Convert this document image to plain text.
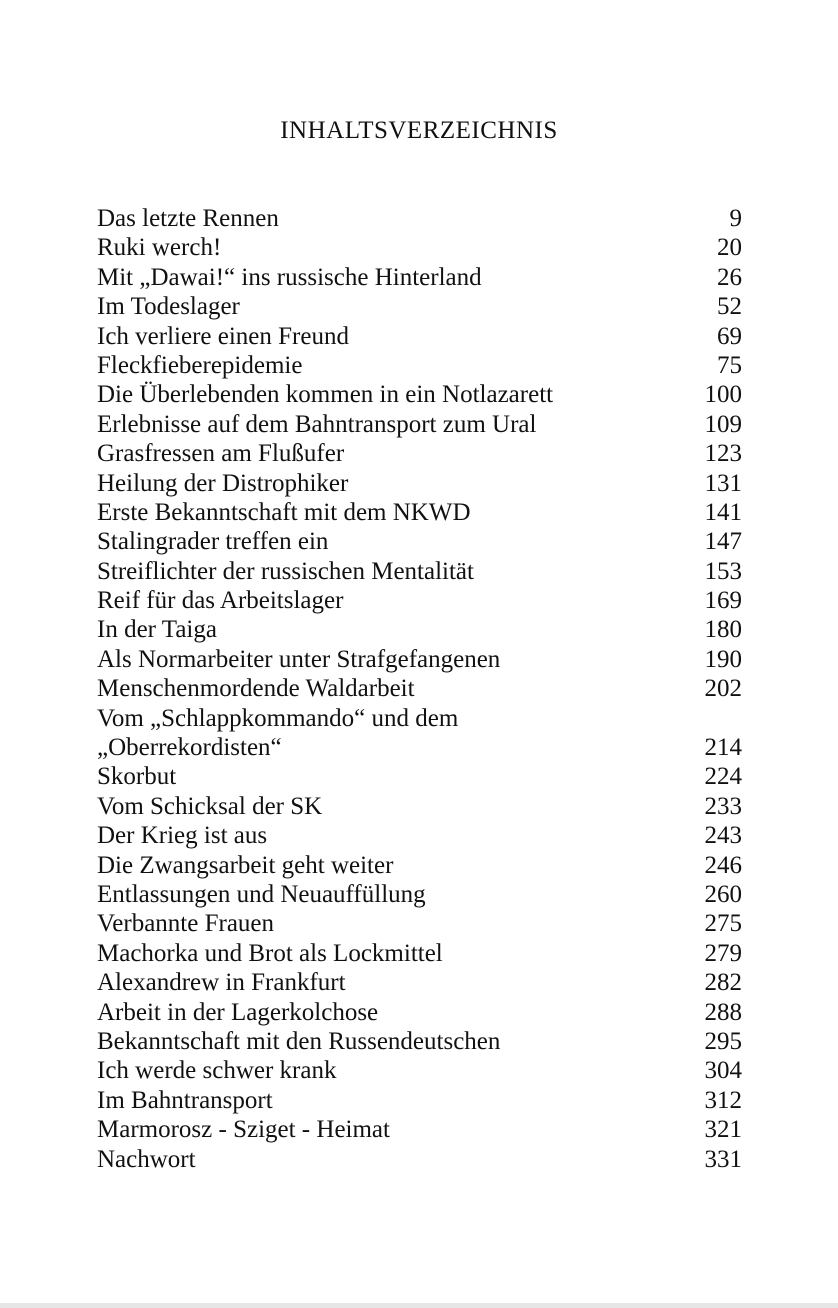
INHALTSVERZEICHNIS
Das letzte Rennen	9
Ruki werch!	20
Mit „Dawai!“ ins russische Hinterland	26
Im Todeslager	52
Ich verliere einen Freund	69
Fleckfieberepidemie	75
Die Überlebenden kommen in ein Notlazarett	100
Erlebnisse auf dem Bahntransport zum Ural	109
Grasfressen am Flußufer	123
Heilung der Distrophiker	131
Erste Bekanntschaft mit dem NKWD	141
Stalingrader treffen ein	147
Streiflichter der russischen Mentalität	153
Reif für das Arbeitslager	169
In der Taiga	180
Als Normarbeiter unter Strafgefangenen	190
Menschenmordende Waldarbeit	202
Vom „Schlappkommando“ und dem
„Oberrekordisten“	214
Skorbut	224
Vom Schicksal der SK	233
Der Krieg ist aus	243
Die Zwangsarbeit geht weiter	246
Entlassungen und Neuauffüllung	260
Verbannte Frauen	275
Machorka und Brot als Lockmittel	279
Alexandrew in Frankfurt	282
Arbeit in der Lagerkolchose	288
Bekanntschaft mit den Russendeutschen	295
Ich werde schwer krank	304
Im Bahntransport	312
Marmorosz - Sziget - Heimat	321
Nachwort	331
